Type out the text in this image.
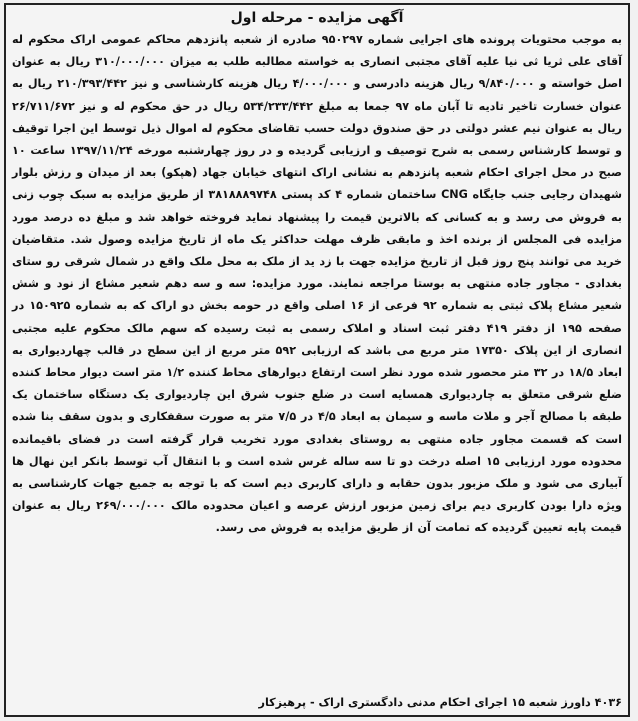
آگهی مزایده - مرحله اول
به موجب محتویات پرونده های اجرایی شماره ۹۵۰۲۹۷ صادره از شعبه پانزدهم محاکم عمومی اراک محکوم له آقای علی ثریا ثی نیا علیه آقای مجتبی انصاری به خواسته مطالبه طلب به میزان ۳۱۰/۰۰۰/۰۰۰ ریال به عنوان اصل خواسته و ۹/۸۴۰/۰۰۰ ریال هزینه دادرسی و ۴/۰۰۰/۰۰۰ ریال هزینه کارشناسی و نیز ۲۱۰/۳۹۳/۴۴۲ ریال به عنوان خسارت تاخیر تادیه تا آبان ماه ۹۷ جمعا به مبلغ ۵۳۴/۲۳۳/۴۴۲ ریال در حق محکوم له و نیز ۲۶/۷۱۱/۶۷۲ ریال به عنوان نیم عشر دولتی در حق صندوق دولت حسب تقاضای محکوم له اموال ذیل توسط این اجرا توقیف و توسط کارشناس رسمی به شرح توصیف و ارزیابی گردیده و در روز چهارشنبه مورخه ۱۳۹۷/۱۱/۲۴ ساعت ۱۰ صبح در محل اجرای احکام شعبه پانزدهم به نشانی اراک انتهای خیابان جهاد (هپکو) بعد از میدان و رزش بلوار شهیدان رجایی جنب جایگاه CNG ساختمان شماره ۴ کد پستی ۳۸۱۸۸۸۹۷۴۸ از طریق مزایده به سبک چوب زنی به فروش می رسد و به کسانی که بالاترین قیمت را پیشنهاد نماید فروخته خواهد شد و مبلغ ده درصد مورد مزایده فی المجلس از برنده اخذ و مابقی ظرف مهلت حداکثر یک ماه از تاریخ مزایده وصول شد. متقاضیان خرید می توانند پنج روز قبل از تاریخ مزایده جهت با زد ید از ملک به محل ملک واقع در شمال شرقی رو ستای بغدادی - مجاور جاده منتهی به بوستا مراجعه نمایند. مورد مزایده: سه و سه دهم شعیر مشاع از نود و شش شعیر مشاع پلاک ثبتی به شماره ۹۲ فرعی از ۱۶ اصلی واقع در حومه بخش دو اراک که به شماره ۱۵۰۹۲۵ در صفحه ۱۹۵ از دفتر ۴۱۹ دفتر ثبت اسناد و املاک رسمی به ثبت رسیده که سهم مالک محکوم علیه مجتبی انصاری از این پلاک ۱۷۳۵۰ متر مربع می باشد که ارزیابی ۵۹۲ متر مربع از این سطح در قالب چهاردیواری به ابعاد ۱۸/۵ در ۳۲ متر محصور شده مورد نظر است ارتفاع دیوارهای محاط کننده ۱/۲ متر است دیوار محاط کننده ضلع شرقی متعلق به چاردیواری همسایه است در ضلع جنوب شرق این چاردیواری یک دستگاه ساختمان یک طبقه با مصالح آجر و ملات ماسه و سیمان به ابعاد ۴/۵ در ۷/۵ متر به صورت سقفکاری و بدون سقف بنا شده است که قسمت مجاور جاده منتهی به روستای بغدادی مورد تخریب قرار گرفته است در فضای باقیمانده محدوده مورد ارزیابی ۱۵ اصله درخت دو تا سه ساله غرس شده است و با انتقال آب توسط بانکر این نهال ها آبیاری می شود و ملک مزبور بدون حقابه و دارای کاربری دیم است که با توجه به جمیع جهات کارشناسی به ویژه دارا بودن کاربری دیم برای زمین مزبور ارزش عرصه و اعیان محدوده مالک ۲۶۹/۰۰۰/۰۰۰ ریال به عنوان قیمت پایه تعیین گردیده که تمامت آن از طریق مزایده به فروش می رسد.
۴۰۳۶ داورز شعبه ۱۵ اجرای احکام مدنی دادگستری اراک - پرهیزکار
